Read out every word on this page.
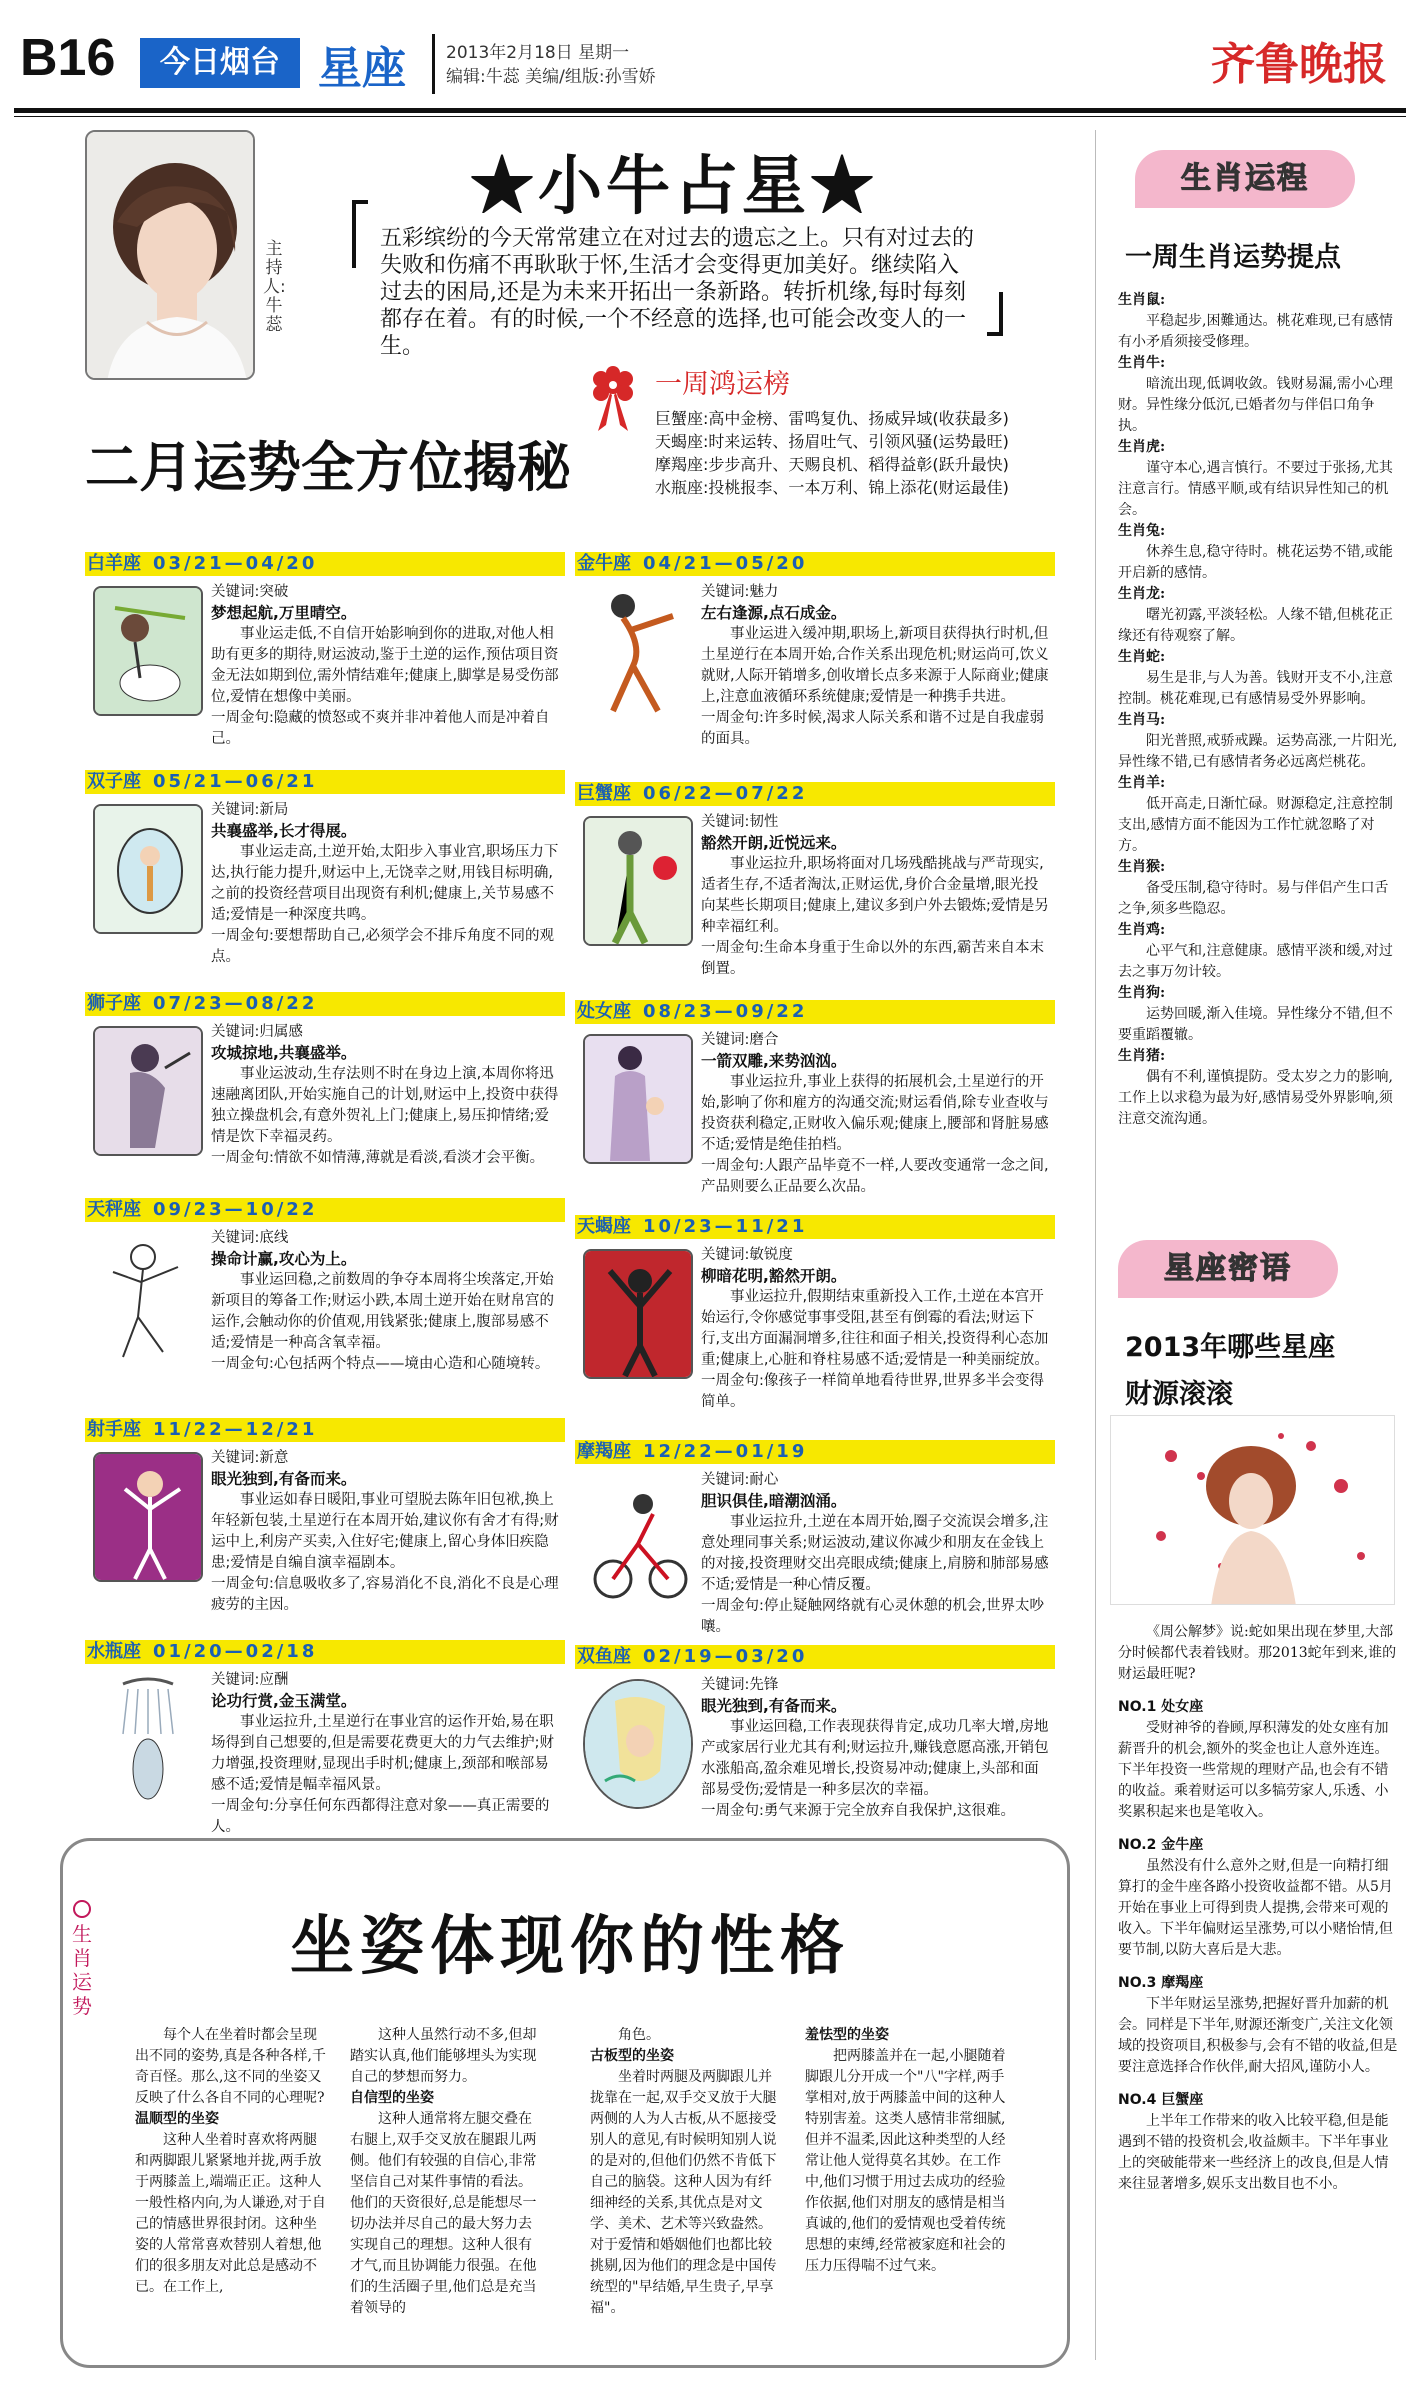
B16	今日烟台 星座 2013年2月18日 星期一
编辑:牛蕊 美编/组版:孙雪娇	齐鲁晚报
主持人:牛蕊
★小牛占星★
五彩缤纷的今天常常建立在对过去的遗忘之上。只有对过去的失败和伤痛不再耿耿于怀,生活才会变得更加美好。继续陷入过去的困局,还是为未来开拓出一条新路。转折机缘,每时每刻都存在着。有的时候,一个不经意的选择,也可能会改变人的一生。
二月运势全方位揭秘
一周鸿运榜
巨蟹座:高中金榜、雷鸣复仇、扬威异域(收获最多)
天蝎座:时来运转、扬眉吐气、引领风骚(运势最旺)
摩羯座:步步高升、天赐良机、稻得益彰(跃升最快)
水瓶座:投桃报李、一本万利、锦上添花(财运最佳)
白羊座 03/21—04/20
关键词:突破
梦想起航,万里晴空。
事业运走低,不自信开始影响到你的进取,对他人相助有更多的期待,财运波动,鉴于土逆的运作,预估项目资金无法如期到位,需外情结难年;健康上,脚掌是易受伤部位,爱情在想像中美丽。
一周金句:隐藏的愤怒或不爽并非冲着他人而是冲着自己。
双子座 05/21—06/21
关键词:新局
共襄盛举,长才得展。
事业运走高,土逆开始,太阳步入事业宫,职场压力下达,执行能力提升,财运中上,无饶幸之财,用钱目标明确,之前的投资经营项目出现资有利机;健康上,关节易感不适;爱情是一种深度共鸣。
一周金句:要想帮助自己,必须学会不排斥角度不同的观点。
狮子座 07/23—08/22
关键词:归属感
攻城掠地,共襄盛举。
事业运波动,生存法则不时在身边上演,本周你将迅速融离团队,开始实施自己的计划,财运中上,投资中获得独立操盘机会,有意外贺礼上门;健康上,易压抑情绪;爱情是饮下幸福灵药。
一周金句:情欲不如情薄,薄就是看淡,看淡才会平衡。
天秤座 09/23—10/22
关键词:底线
操命计赢,攻心为上。
事业运回稳,之前数周的争夺本周将尘埃落定,开始新项目的筹备工作;财运小跌,本周土逆开始在财帛宫的运作,会触动你的价值观,用钱紧张;健康上,腹部易感不适;爱情是一种高含氧幸福。
一周金句:心包括两个特点——境由心造和心随境转。
射手座 11/22—12/21
关键词:新意
眼光独到,有备而来。
事业运如春日暖阳,事业可望脱去陈年旧包袱,换上年轻新包装,土星逆行在本周开始,建议你有舍才有得;财运中上,利房产买卖,入住好宅;健康上,留心身体旧疾隐患;爱情是自编自演幸福剧本。
一周金句:信息吸收多了,容易消化不良,消化不良是心理疲劳的主因。
水瓶座 01/20—02/18
关键词:应酬
论功行赏,金玉满堂。
事业运拉升,土星逆行在事业宫的运作开始,易在职场得到自己想要的,但是需要花费更大的力气去维护;财力增强,投资理财,显现出手时机;健康上,颈部和喉部易感不适;爱情是幅幸福风景。
一周金句:分享任何东西都得注意对象——真正需要的人。
金牛座 04/21—05/20
关键词:魅力
左右逢源,点石成金。
事业运进入缓冲期,职场上,新项目获得执行时机,但土星逆行在本周开始,合作关系出现危机;财运尚可,饮义就财,人际开销增多,创收增长点多来源于人际商业;健康上,注意血液循环系统健康;爱情是一种携手共进。
一周金句:许多时候,渴求人际关系和谐不过是自我虚弱的面具。
巨蟹座 06/22—07/22
关键词:韧性
豁然开朗,近悦远来。
事业运拉升,职场将面对几场残酷挑战与严苛现实,适者生存,不适者淘汰,正财运优,身价合金量增,眼光投向某些长期项目;健康上,建议多到户外去锻炼;爱情是另种幸福红利。
一周金句:生命本身重于生命以外的东西,霸苦来自本末倒置。
处女座 08/23—09/22
关键词:磨合
一箭双雕,来势汹汹。
事业运拉升,事业上获得的拓展机会,土星逆行的开始,影响了你和雇方的沟通交流;财运看俏,除专业查收与投资获利稳定,正财收入偏乐观;健康上,腰部和肾脏易感不适;爱情是绝佳拍档。
一周金句:人跟产品毕竟不一样,人要改变通常一念之间,产品则要么正品要么次品。
天蝎座 10/23—11/21
关键词:敏锐度
柳暗花明,豁然开朗。
事业运拉升,假期结束重新投入工作,土逆在本宫开始运行,令你感觉事事受阻,甚至有倒霉的看法;财运下行,支出方面漏洞增多,往往和面子相关,投资得利心态加重;健康上,心脏和脊柱易感不适;爱情是一种美丽绽放。
一周金句:像孩子一样简单地看待世界,世界多半会变得简单。
摩羯座 12/22—01/19
关键词:耐心
胆识俱佳,暗潮汹涌。
事业运拉升,土逆在本周开始,圈子交流误会增多,注意处理同事关系;财运波动,建议你减少和朋友在金钱上的对接,投资理财交出亮眼成绩;健康上,肩膀和肺部易感不适;爱情是一种心情反覆。
一周金句:停止疑触网络就有心灵休憩的机会,世界太吵嚷。
双鱼座 02/19—03/20
关键词:先锋
眼光独到,有备而来。
事业运回稳,工作表现获得肯定,成功几率大增,房地产或家居行业尤其有利;财运拉升,赚钱意愿高涨,开销包水涨船高,盈余难见增长,投资易冲动;健康上,头部和面部易受伤;爱情是一种多层次的幸福。
一周金句:勇气来源于完全放弃自我保护,这很难。
生肖运程
一周生肖运势提点
生肖鼠:
平稳起步,困難通达。桃花难现,已有感情有小矛盾须接受修理。
生肖牛:
暗流出现,低调收敛。钱财易漏,需小心理财。异性缘分低沉,已婚者勿与伴侣口角争执。
生肖虎:
谨守本心,遇言慎行。不要过于张扬,尤其注意言行。情感平顺,或有结识异性知己的机会。
生肖兔:
休养生息,稳守待时。桃花运势不错,或能开启新的感情。
生肖龙:
曙光初露,平淡轻松。人缘不错,但桃花正缘还有待观察了解。
生肖蛇:
易生是非,与人为善。钱财开支不小,注意控制。桃花难现,已有感情易受外界影响。
生肖马:
阳光普照,戒骄戒躁。运势高涨,一片阳光,异性缘不错,已有感情者务必远离烂桃花。
生肖羊:
低开高走,日渐忙碌。财源稳定,注意控制支出,感情方面不能因为工作忙就忽略了对方。
生肖猴:
备受压制,稳守待时。易与伴侣产生口舌之争,须多些隐忍。
生肖鸡:
心平气和,注意健康。感情平淡和缓,对过去之事万勿计较。
生肖狗:
运势回暖,渐入佳境。异性缘分不错,但不要重蹈覆辙。
生肖猪:
偶有不利,谨慎提防。受太岁之力的影响,工作上以求稳为最为好,感情易受外界影响,须注意交流沟通。
星座密语
2013年哪些星座
财源滚滚
《周公解梦》说:蛇如果出现在梦里,大部分时候都代表着钱财。那2013蛇年到来,谁的财运最旺呢?
NO.1 处女座
受财神爷的眷顾,厚积薄发的处女座有加薪晋升的机会,额外的奖金也让人意外连连。下半年投资一些常规的理财产品,也会有不错的收益。乘着财运可以多犒劳家人,乐透、小奖累积起来也是笔收入。
NO.2 金牛座
虽然没有什么意外之财,但是一向精打细算打的金牛座各路小投资收益都不错。从5月开始在事业上可得到贵人提携,会带来可观的收入。下半年偏财运呈涨势,可以小赌怡情,但要节制,以防大喜后是大悲。
NO.3 摩羯座
下半年财运呈涨势,把握好晋升加薪的机会。同样是下半年,财源还渐变广,关注文化领域的投资项目,积极参与,会有不错的收益,但是要注意选择合作伙伴,耐大招风,谨防小人。
NO.4 巨蟹座
上半年工作带来的收入比较平稳,但是能遇到不错的投资机会,收益颇丰。下半年事业上的突破能带来一些经济上的改良,但是人情来往显著增多,娱乐支出数目也不小。
生肖运势
坐姿体现你的性格

每个人在坐着时都会呈现出不同的姿势,真是各种各样,千奇百怪。那么,这不同的坐姿又反映了什么各自不同的心理呢?

温顺型的坐姿

这种人坐着时喜欢将两腿和两脚跟儿紧紧地并拢,两手放于两膝盖上,端端正正。这种人一般性格内向,为人谦逊,对于自己的情感世界很封闭。这种坐姿的人常常喜欢替别人着想,他们的很多朋友对此总是感动不已。在工作上,

这种人虽然行动不多,但却踏实认真,他们能够埋头为实现自己的梦想而努力。

自信型的坐姿

这种人通常将左腿交叠在右腿上,双手交叉放在腿跟儿两侧。他们有较强的自信心,非常坚信自己对某件事情的看法。他们的天资很好,总是能想尽一切办法并尽自己的最大努力去实现自己的理想。这种人很有才气,而且协调能力很强。在他们的生活圈子里,他们总是充当着领导的

角色。

古板型的坐姿

坐着时两腿及两脚跟儿并拢靠在一起,双手交叉放于大腿两侧的人为人古板,从不愿接受别人的意见,有时候明知别人说的是对的,但他们仍然不肯低下自己的脑袋。这种人因为有纤细神经的关系,其优点是对文学、美术、艺术等兴致盎然。对于爱情和婚姻他们也都比较挑剔,因为他们的理念是中国传统型的"早结婚,早生贵子,早享福"。

羞怯型的坐姿

把两膝盖并在一起,小腿随着脚跟儿分开成一个"八"字样,两手掌相对,放于两膝盖中间的这种人特别害羞。这类人感情非常细腻,但并不温柔,因此这种类型的人经常让他人觉得莫名其妙。在工作中,他们习惯于用过去成功的经验作依据,他们对朋友的感情是相当真诚的,他们的爱情观也受着传统思想的束缚,经常被家庭和社会的压力压得喘不过气来。
